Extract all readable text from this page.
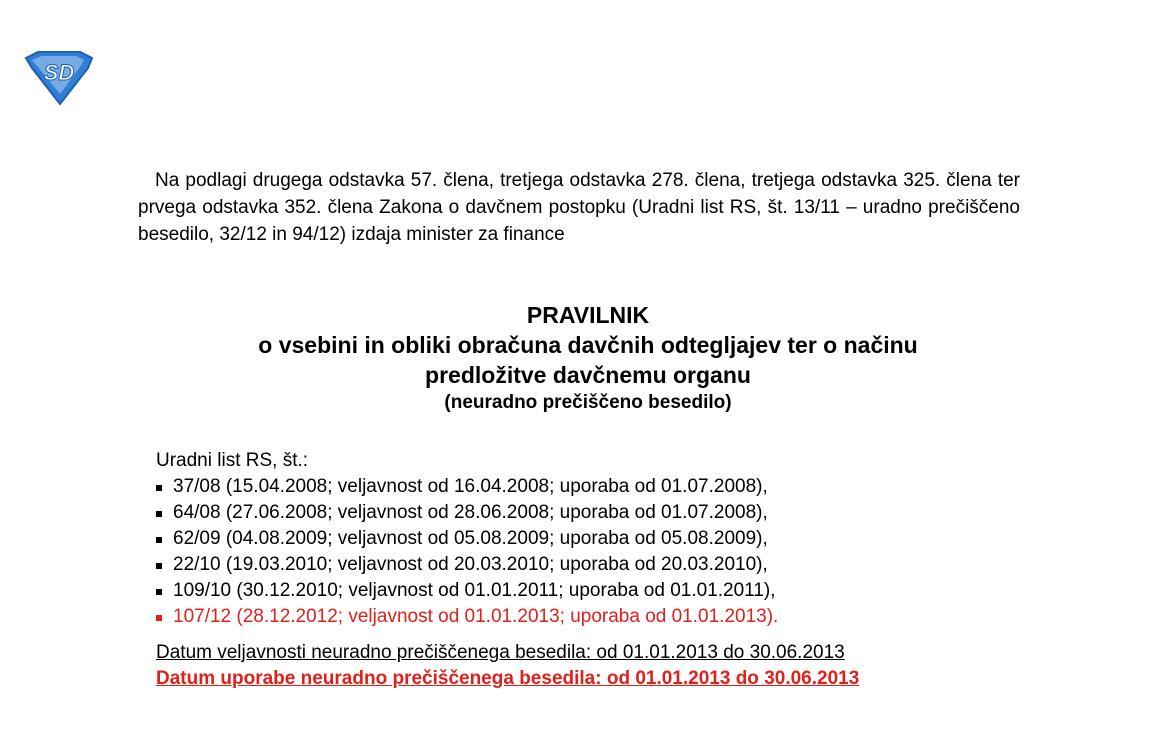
SD

Na podlagi drugega odstavka 57. člena, tretjega odstavka 278. člena, tretjega odstavka 325. člena ter prvega odstavka 352. člena Zakona o davčnem postopku (Uradni list RS, št. 13/11 – uradno prečiščeno besedilo, 32/12 in 94/12) izdaja minister za finance

PRAVILNIK
o vsebini in obliki obračuna davčnih odtegljajev ter o načinu
predložitve davčnemu organu
(neuradno prečiščeno besedilo)
Uradni list RS, št.:
37/08 (15.04.2008; veljavnost od 16.04.2008; uporaba od 01.07.2008),
64/08 (27.06.2008; veljavnost od 28.06.2008; uporaba od 01.07.2008),
62/09 (04.08.2009; veljavnost od 05.08.2009; uporaba od 05.08.2009),
22/10 (19.03.2010; veljavnost od 20.03.2010; uporaba od 20.03.2010),
109/10 (30.12.2010; veljavnost od 01.01.2011; uporaba od 01.01.2011),
107/12 (28.12.2012; veljavnost od 01.01.2013; uporaba od 01.01.2013).
Datum veljavnosti neuradno prečiščenega besedila: od 01.01.2013 do 30.06.2013
Datum uporabe neuradno prečiščenega besedila: od 01.01.2013 do 30.06.2013
